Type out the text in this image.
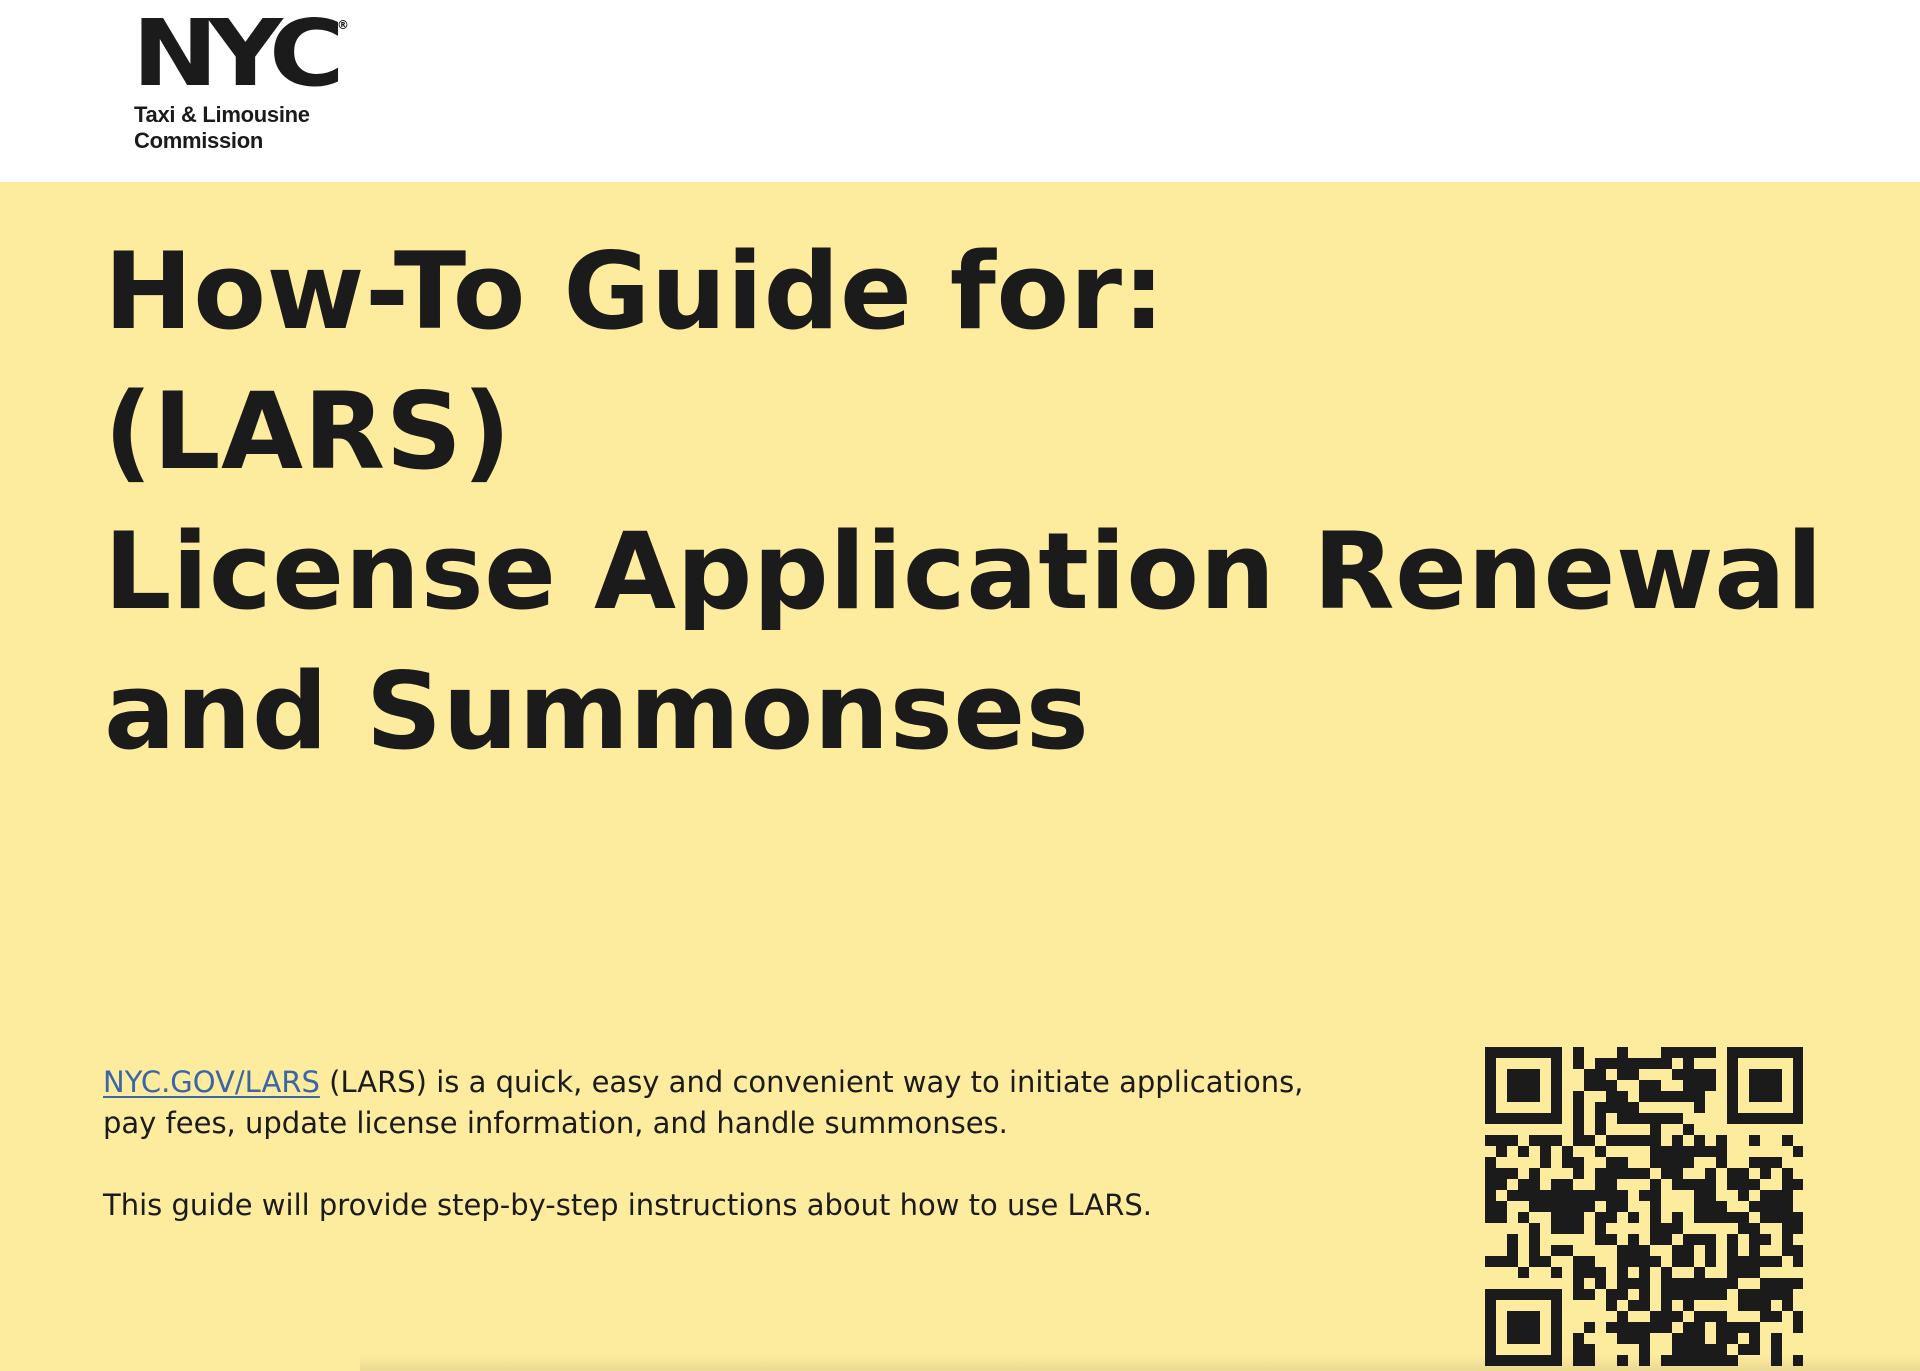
NYC ®
Taxi & Limousine
Commission
How-To Guide for:
(LARS)
License Application Renewal
and Summonses

NYC.GOV/LARS (LARS) is a quick, easy and convenient way to initiate applications,
pay fees, update license information, and handle summonses.

This guide will provide step-by-step instructions about how to use LARS.
